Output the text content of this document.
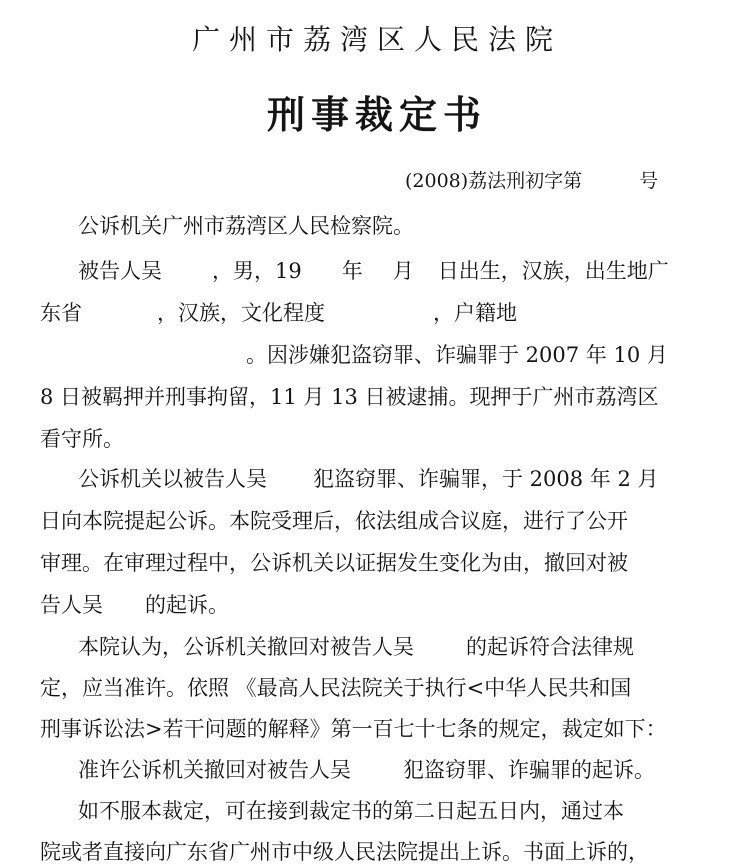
广州市荔湾区人民法院
刑事裁定书
(2008)荔法刑初字第　　　号
公诉机关广州市荔湾区人民检察院。
被告人吴 ，男，19 年 月 日出生，汉族，出生地广
东省	，汉族，文化程度	，户籍地
。因涉嫌犯盗窃罪、诈骗罪于 2007 年 10 月
8 日被羁押并刑事拘留，11 月 13 日被逮捕。现押于广州市荔湾区
看守所。
公诉机关以被告人吴 犯盗窃罪、诈骗罪，于 2008 年 2 月
日向本院提起公诉。本院受理后，依法组成合议庭，进行了公开
审理。在审理过程中，公诉机关以证据发生变化为由，撤回对被
告人吴 的起诉。
本院认为，公诉机关撤回对被告人吴 的起诉符合法律规
定，应当准许。依照 《最高人民法院关于执行<中华人民共和国
刑事诉讼法>若干问题的解释》第一百七十七条的规定，裁定如下：
准许公诉机关撤回对被告人吴 犯盗窃罪、诈骗罪的起诉。
如不服本裁定，可在接到裁定书的第二日起五日内，通过本
院或者直接向广东省广州市中级人民法院提出上诉。书面上诉的，
